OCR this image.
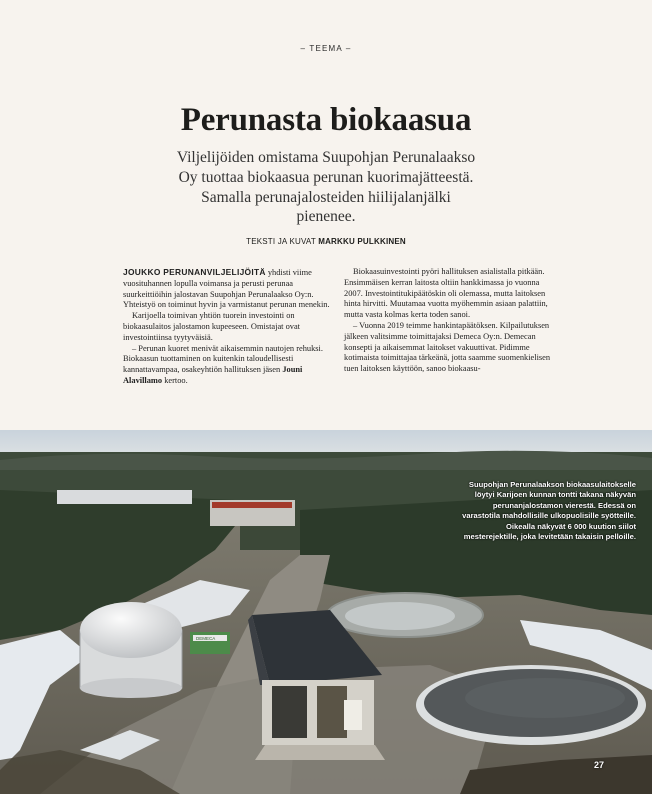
– TEEMA –
Perunasta biokaasua

Viljelijöiden omistama Suupohjan Perunalaakso Oy tuottaa biokaasua perunan kuorimajätteestä. Samalla perunajalosteiden hiilijalanjälki pienenee.

TEKSTI JA KUVAT MARKKU PULKKINEN

JOUKKO PERUNANVILJELIJÖITÄ yhdisti viime vuosituhannen lopulla voimansa ja perusti perunaa suurkeittiöihin jalostavan Suupohjan Perunalaakso Oy:n. Yhteistyö on toiminut hyvin ja varmistanut perunan menekin.

Karijoella toimivan yhtiön tuorein investointi on biokaasulaitos jalostamon kupeeseen. Omistajat ovat investointiinsa tyytyväisiä.

– Perunan kuoret menivät aikaisemmin nautojen rehuksi. Biokaasun tuottaminen on kuitenkin taloudellisesti kannattavampaa, osakeyhtiön hallituksen jäsen Jouni Alavillamo kertoo.

Biokaasuinvestointi pyöri hallituksen asialistalla pitkään. Ensimmäisen kerran laitosta oltiin hankkimassa jo vuonna 2007. Investointitukipäätöskin oli olemassa, mutta laitoksen hinta hirvitti. Muutamaa vuotta myöhemmin asiaan palattiin, mutta vasta kolmas kerta toden sanoi.

– Vuonna 2019 teimme hankintapäätöksen. Kilpailutuksen jälkeen valitsimme toimittajaksi Demeca Oy:n. Demecan konsepti ja aikaisemmat laitokset vakuuttivat. Pidimme kotimaista toimittajaa tärkeänä, jotta saamme suomenkielisen tuen laitoksen käyttöön, sanoo biokaasu-

DEMECA
Suupohjan Perunalaakson biokaasulaitokselle löytyi Karijoen kunnan tontti takana näkyvän perunanjalostamon vierestä. Edessä on varastotila mahdollisille ulkopuolisille syötteille. Oikealla näkyvät 6 000 kuution siilot mesterejektille, joka levitetään takaisin pelloille.
27
